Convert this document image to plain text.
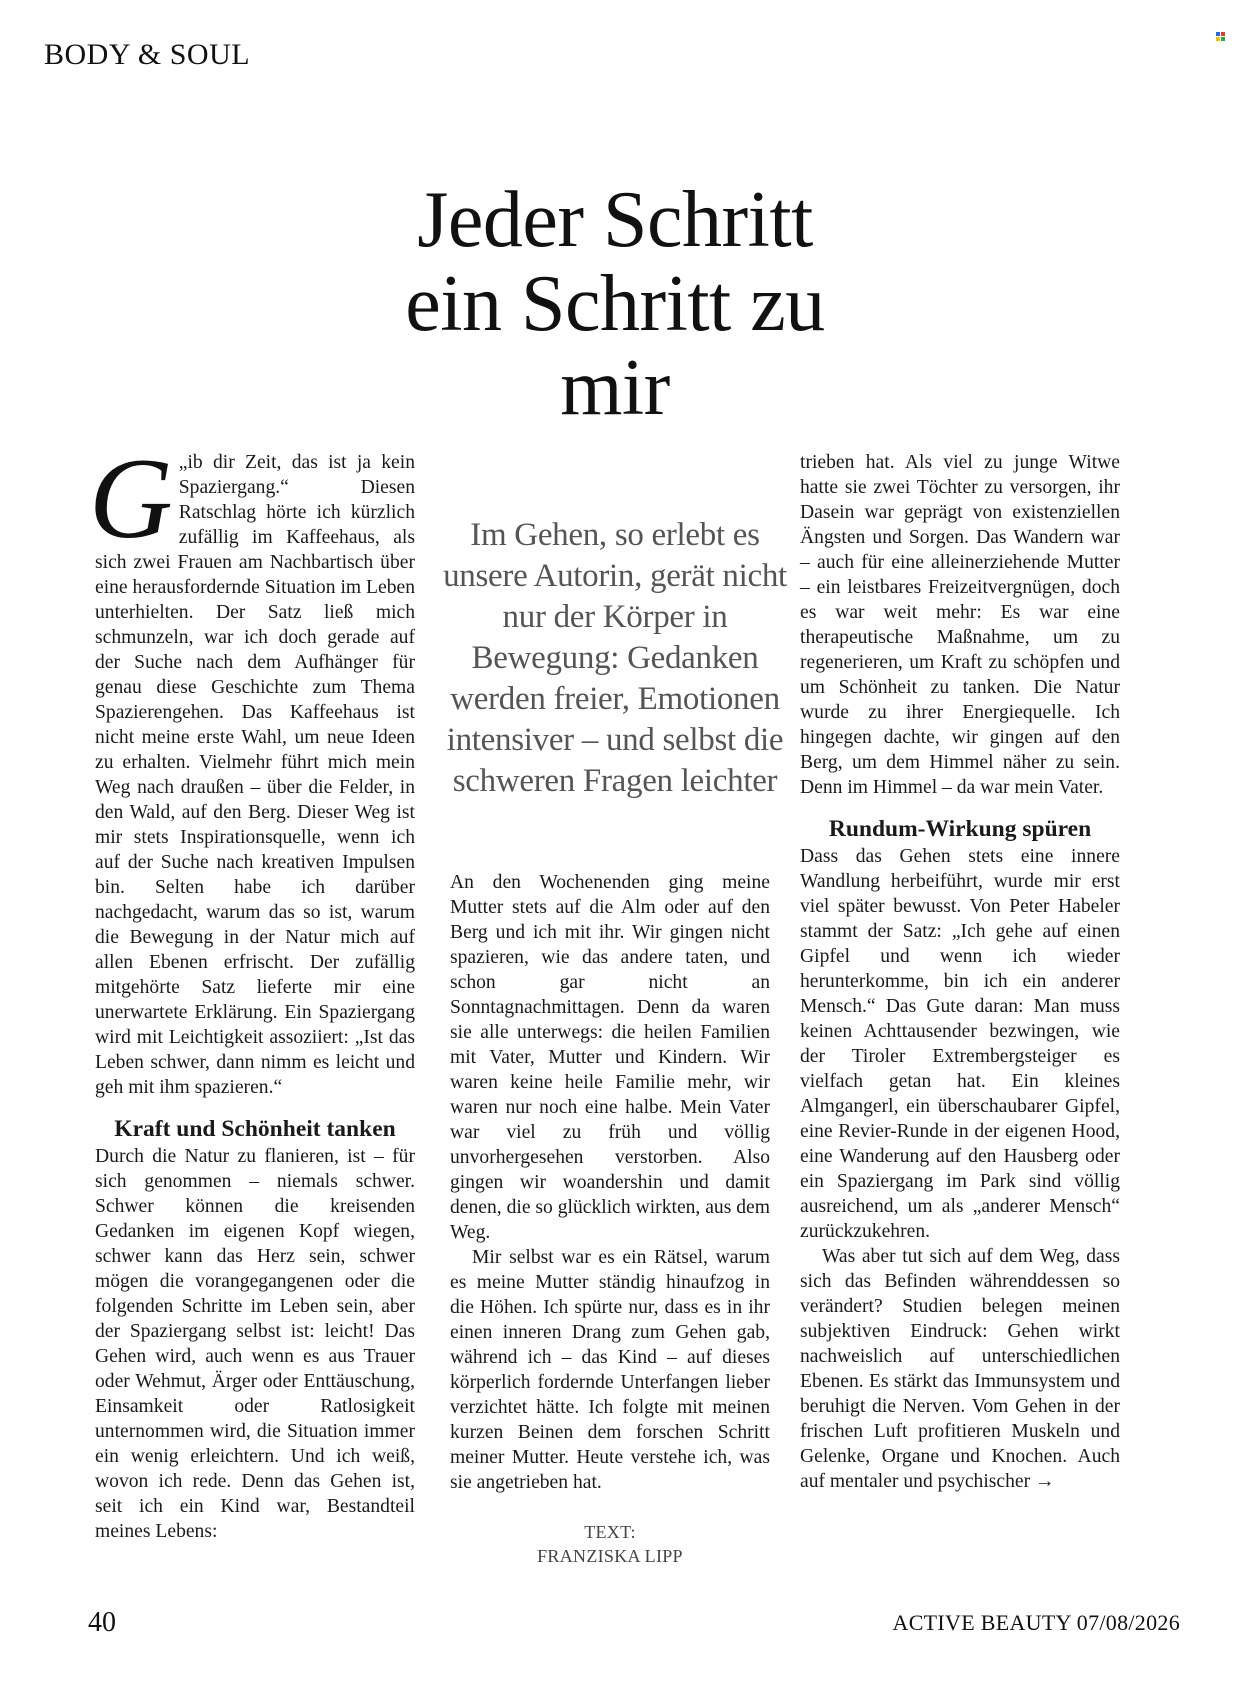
BODY & SOUL
Jeder Schritt ein Schritt zu mir
Im Gehen, so erlebt es unsere Autorin, gerät nicht nur der Körper in Bewegung: Gedanken werden freier, Emotionen intensiver – und selbst die schweren Fragen leichter
G „ib dir Zeit, das ist ja kein Spaziergang.“ Diesen Ratschlag hörte ich kürzlich zufällig im Kaffeehaus, als sich zwei Frauen am Nachbartisch über eine herausfordernde Situation im Leben unterhielten. Der Satz ließ mich schmunzeln, war ich doch gerade auf der Suche nach dem Aufhänger für genau diese Geschichte zum Thema Spazierengehen. Das Kaffeehaus ist nicht meine erste Wahl, um neue Ideen zu erhalten. Vielmehr führt mich mein Weg nach draußen – über die Felder, in den Wald, auf den Berg. Dieser Weg ist mir stets Inspirationsquelle, wenn ich auf der Suche nach kreativen Impulsen bin. Selten habe ich darüber nachgedacht, warum das so ist, warum die Bewegung in der Natur mich auf allen Ebenen erfrischt. Der zufällig mitgehörte Satz lieferte mir eine unerwartete Erklärung. Ein Spaziergang wird mit Leichtigkeit assoziiert: „Ist das Leben schwer, dann nimm es leicht und geh mit ihm spazieren.“

Kraft und Schönheit tanken

Durch die Natur zu flanieren, ist – für sich genommen – niemals schwer. Schwer können die kreisenden Gedanken im eigenen Kopf wiegen, schwer kann das Herz sein, schwer mögen die vorangegangenen oder die folgenden Schritte im Leben sein, aber der Spaziergang selbst ist: leicht! Das Gehen wird, auch wenn es aus Trauer oder Wehmut, Ärger oder Enttäuschung, Einsamkeit oder Ratlosigkeit unternommen wird, die Situation immer ein wenig erleichtern. Und ich weiß, wovon ich rede. Denn das Gehen ist, seit ich ein Kind war, Bestandteil meines Lebens:

An den Wochenenden ging meine Mutter stets auf die Alm oder auf den Berg und ich mit ihr. Wir gingen nicht spazieren, wie das andere taten, und schon gar nicht an Sonntagnachmittagen. Denn da waren sie alle unterwegs: die heilen Familien mit Vater, Mutter und Kindern. Wir waren keine heile Familie mehr, wir waren nur noch eine halbe. Mein Vater war viel zu früh und völlig unvorhergesehen verstorben. Also gingen wir woandershin und damit denen, die so glücklich wirkten, aus dem Weg.

Mir selbst war es ein Rätsel, warum es meine Mutter ständig hinaufzog in die Höhen. Ich spürte nur, dass es in ihr einen inneren Drang zum Gehen gab, während ich – das Kind – auf dieses körperlich fordernde Unterfangen lieber verzichtet hätte. Ich folgte mit meinen kurzen Beinen dem forschen Schritt meiner Mutter. Heute verstehe ich, was sie angetrieben hat.

TEXT:
FRANZISKA LIPP

trieben hat. Als viel zu junge Witwe hatte sie zwei Töchter zu versorgen, ihr Dasein war geprägt von existenziellen Ängsten und Sorgen. Das Wandern war – auch für eine alleinerziehende Mutter – ein leistbares Freizeitvergnügen, doch es war weit mehr: Es war eine therapeutische Maßnahme, um zu regenerieren, um Kraft zu schöpfen und um Schönheit zu tanken. Die Natur wurde zu ihrer Energiequelle. Ich hingegen dachte, wir gingen auf den Berg, um dem Himmel näher zu sein. Denn im Himmel – da war mein Vater.

Rundum-Wirkung spüren

Dass das Gehen stets eine innere Wandlung herbeiführt, wurde mir erst viel später bewusst. Von Peter Habeler stammt der Satz: „Ich gehe auf einen Gipfel und wenn ich wieder herunterkomme, bin ich ein anderer Mensch.“ Das Gute daran: Man muss keinen Achttausender bezwingen, wie der Tiroler Extrembergsteiger es vielfach getan hat. Ein kleines Almgangerl, ein überschaubarer Gipfel, eine Revier-Runde in der eigenen Hood, eine Wanderung auf den Hausberg oder ein Spaziergang im Park sind völlig ausreichend, um als „anderer Mensch“ zurückzukehren.

Was aber tut sich auf dem Weg, dass sich das Befinden währenddessen so verändert? Studien belegen meinen subjektiven Eindruck: Gehen wirkt nachweislich auf unterschiedlichen Ebenen. Es stärkt das Immunsystem und beruhigt die Nerven. Vom Gehen in der frischen Luft profitieren Muskeln und Gelenke, Organe und Knochen. Auch auf mentaler und psychischer →

40	ACTIVE BEAUTY 07/08/2026
